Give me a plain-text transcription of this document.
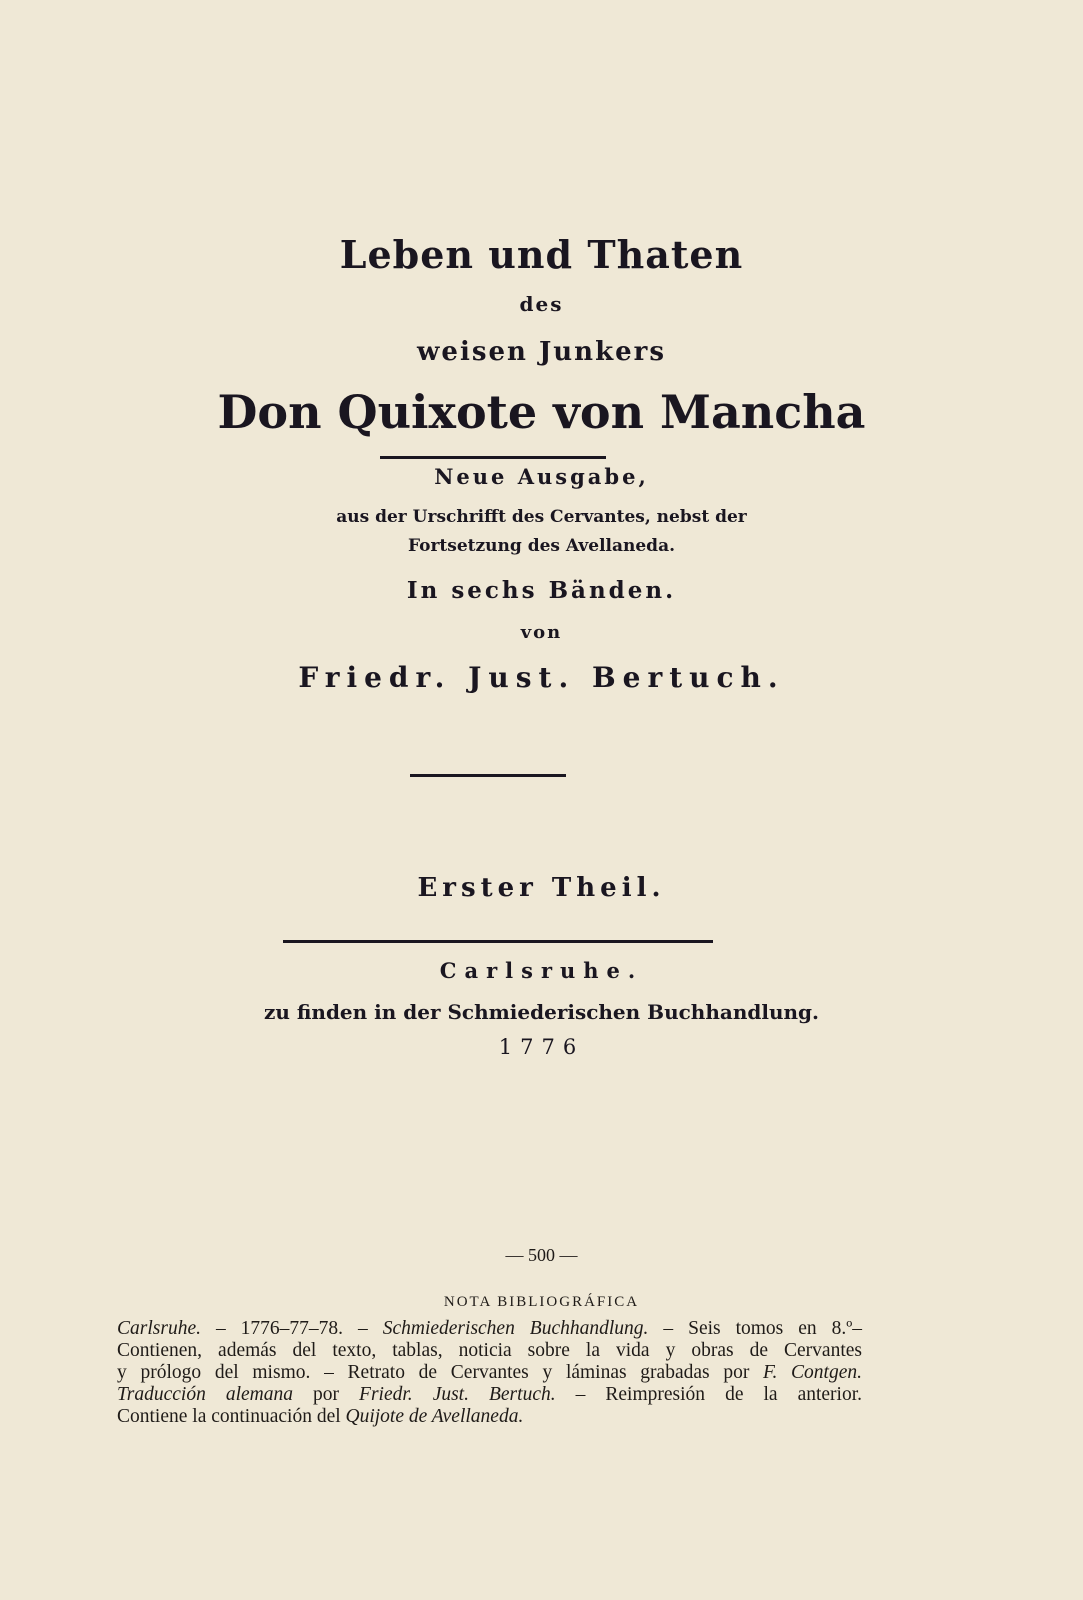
Leben und Thaten
des
weisen Junkers
Don Quixote von Mancha
Neue Ausgabe,
aus der Urschrifft des Cervantes, nebst der
Fortsetzung des Avellaneda.
In sechs Bänden.
von
Friedr. Just. Bertuch.
Erster Theil.
Carlsruhe.
zu finden in der Schmiederischen Buchhandlung.
1776
— 500 —
NOTA BIBLIOGRÁFICA
Carlsruhe. – 1776–77–78. – Schmiederischen Buchhandlung. – Seis tomos en 8.º–
Contienen, además del texto, tablas, noticia sobre la vida y obras de Cervantes
y prólogo del mismo. – Retrato de Cervantes y láminas grabadas por F. Contgen.
Traducción alemana por Friedr. Just. Bertuch. – Reimpresión de la anterior.
Contiene la continuación del Quijote de Avellaneda.
